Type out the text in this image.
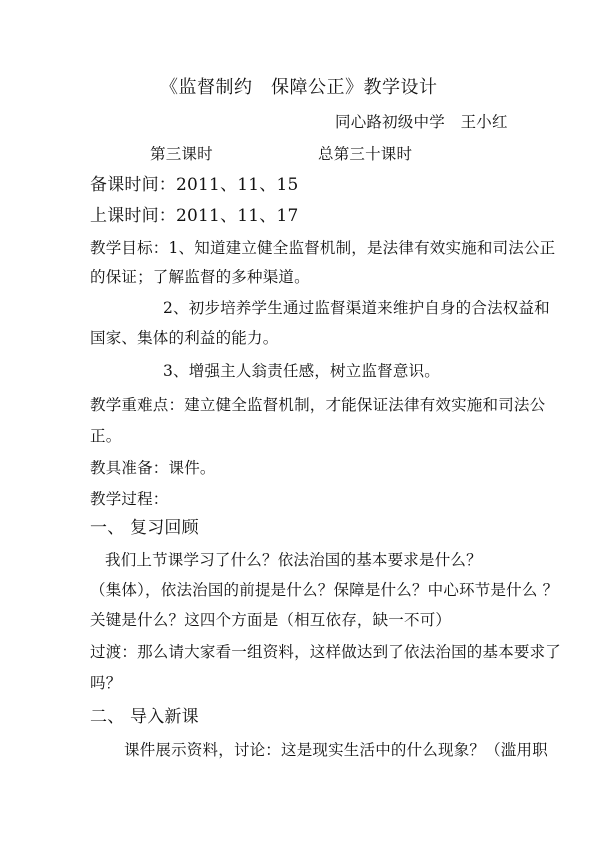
《监督制约　保障公正》教学设计
同心路初级中学　王小红
第三课时	总第三十课时
备课时间：2011、11、15
上课时间：2011、11、17
教学目标：1、知道建立健全监督机制，是法律有效实施和司法公正
的保证；了解监督的多种渠道。
2、初步培养学生通过监督渠道来维护自身的合法权益和
国家、集体的利益的能力。
3、增强主人翁责任感，树立监督意识。
教学重难点：建立健全监督机制，才能保证法律有效实施和司法公
正。
教具准备：课件。
教学过程：
一、 复习回顾
我们上节课学习了什么？依法治国的基本要求是什么？
（集体），依法治国的前提是什么？保障是什么？中心环节是什么 ？
关键是什么？这四个方面是（相互依存，缺一不可）
过渡：那么请大家看一组资料，这样做达到了依法治国的基本要求了
吗？
二、 导入新课
课件展示资料，讨论：这是现实生活中的什么现象？（滥用职
